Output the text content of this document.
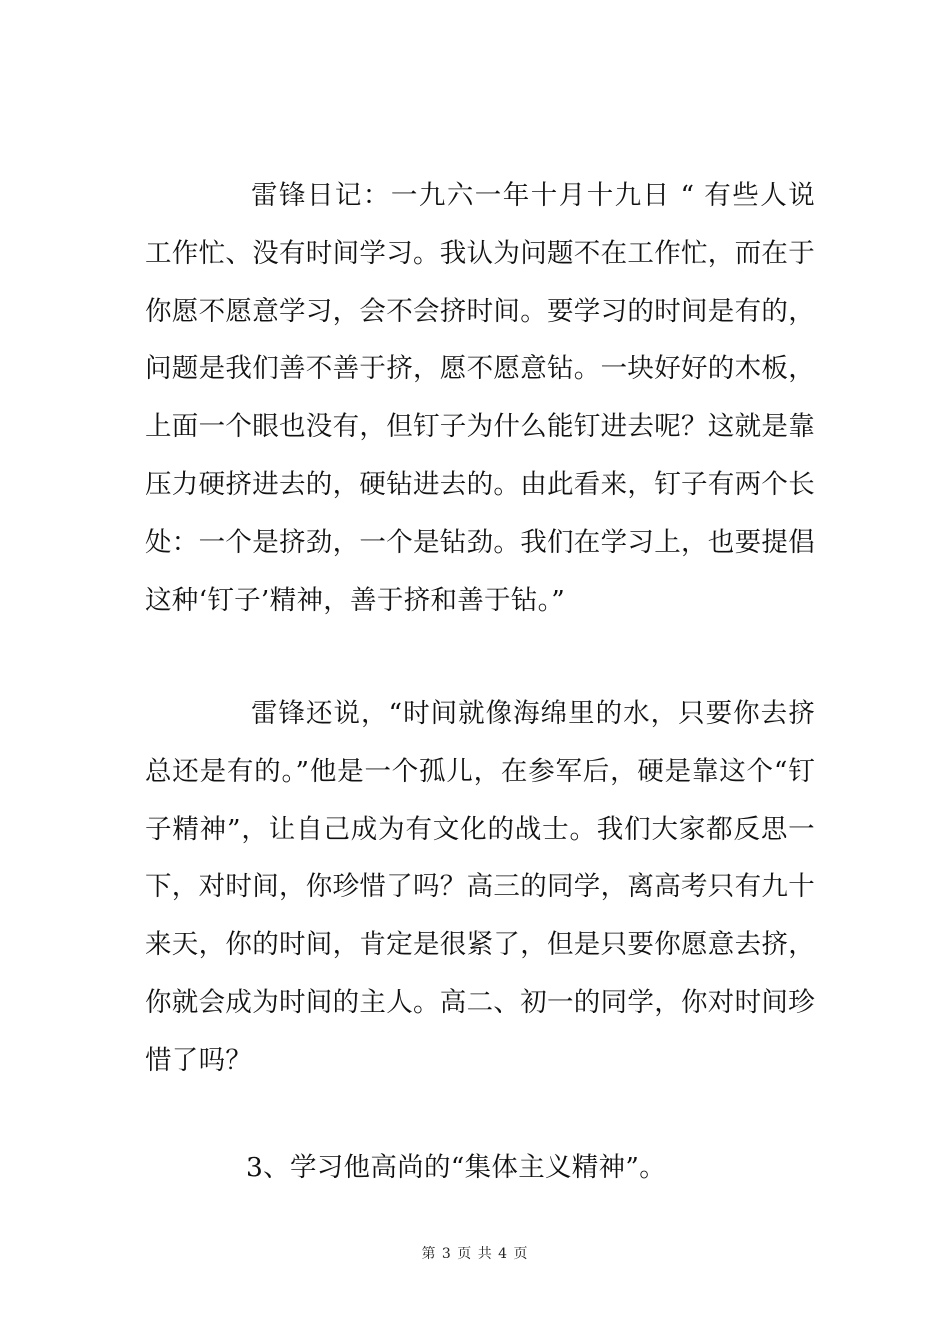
雷锋日记：一九六一年十月十九日 “ 有些人说工作忙、没有时间学习。我认为问题不在工作忙，而在于你愿不愿意学习，会不会挤时间。要学习的时间是有的，问题是我们善不善于挤，愿不愿意钻。一块好好的木板，上面一个眼也没有，但钉子为什么能钉进去呢？这就是靠压力硬挤进去的，硬钻进去的。由此看来，钉子有两个长处：一个是挤劲，一个是钻劲。我们在学习上，也要提倡这种‘钉子’精神，善于挤和善于钻。”

雷锋还说，“时间就像海绵里的水，只要你去挤总还是有的。”他是一个孤儿，在参军后，硬是靠这个“钉子精神”，让自己成为有文化的战士。我们大家都反思一下，对时间，你珍惜了吗？高三的同学，离高考只有九十来天，你的时间，肯定是很紧了，但是只要你愿意去挤，你就会成为时间的主人。高二、初一的同学，你对时间珍惜了吗？

3、学习他高尚的“集体主义精神”。

第 3 页 共 4 页
